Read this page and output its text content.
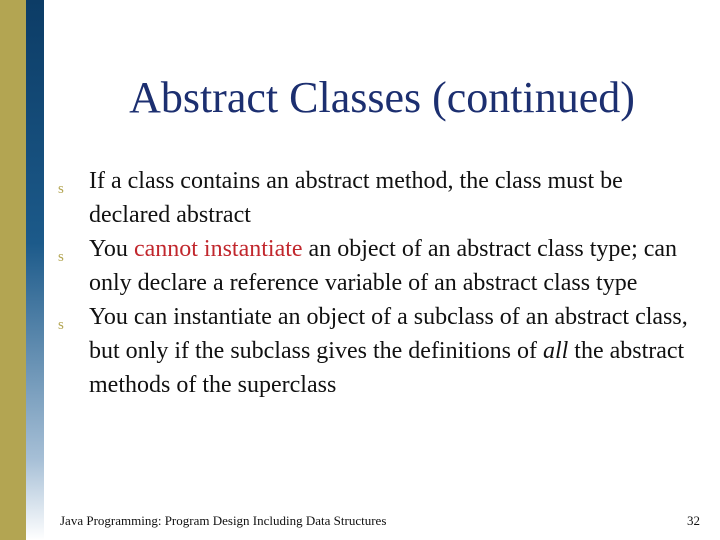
Abstract Classes (continued)
s	If a class contains an abstract method, the class must be declared abstract
s	You cannot instantiate an object of an abstract class type; can only declare a reference variable of an abstract class type
s	You can instantiate an object of a subclass of an abstract class, but only if the subclass gives the definitions of all the abstract methods of the superclass
Java Programming: Program Design Including Data Structures	32
